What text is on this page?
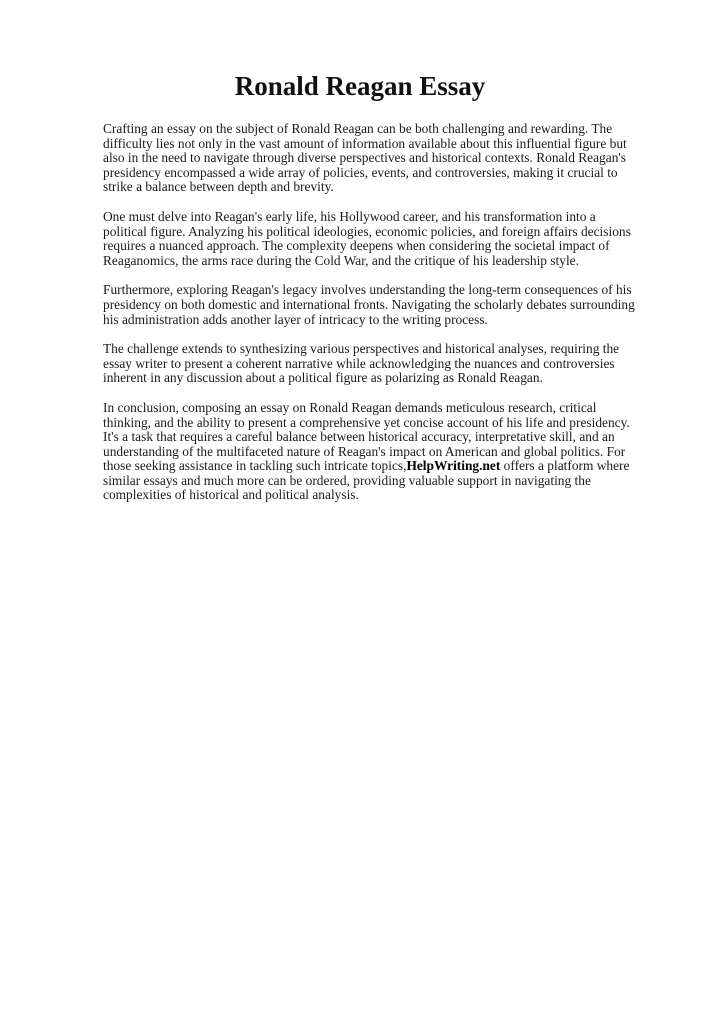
Ronald Reagan Essay

Crafting an essay on the subject of Ronald Reagan can be both challenging and rewarding. The difficulty lies not only in the vast amount of information available about this influential figure but also in the need to navigate through diverse perspectives and historical contexts. Ronald Reagan's presidency encompassed a wide array of policies, events, and controversies, making it crucial to strike a balance between depth and brevity.

One must delve into Reagan's early life, his Hollywood career, and his transformation into a political figure. Analyzing his political ideologies, economic policies, and foreign affairs decisions requires a nuanced approach. The complexity deepens when considering the societal impact of Reaganomics, the arms race during the Cold War, and the critique of his leadership style.

Furthermore, exploring Reagan's legacy involves understanding the long-term consequences of his presidency on both domestic and international fronts. Navigating the scholarly debates surrounding his administration adds another layer of intricacy to the writing process.

The challenge extends to synthesizing various perspectives and historical analyses, requiring the essay writer to present a coherent narrative while acknowledging the nuances and controversies inherent in any discussion about a political figure as polarizing as Ronald Reagan.

In conclusion, composing an essay on Ronald Reagan demands meticulous research, critical thinking, and the ability to present a comprehensive yet concise account of his life and presidency. It's a task that requires a careful balance between historical accuracy, interpretative skill, and an understanding of the multifaceted nature of Reagan's impact on American and global politics. For those seeking assistance in tackling such intricate topics,HelpWriting.net offers a platform where similar essays and much more can be ordered, providing valuable support in navigating the complexities of historical and political analysis.
